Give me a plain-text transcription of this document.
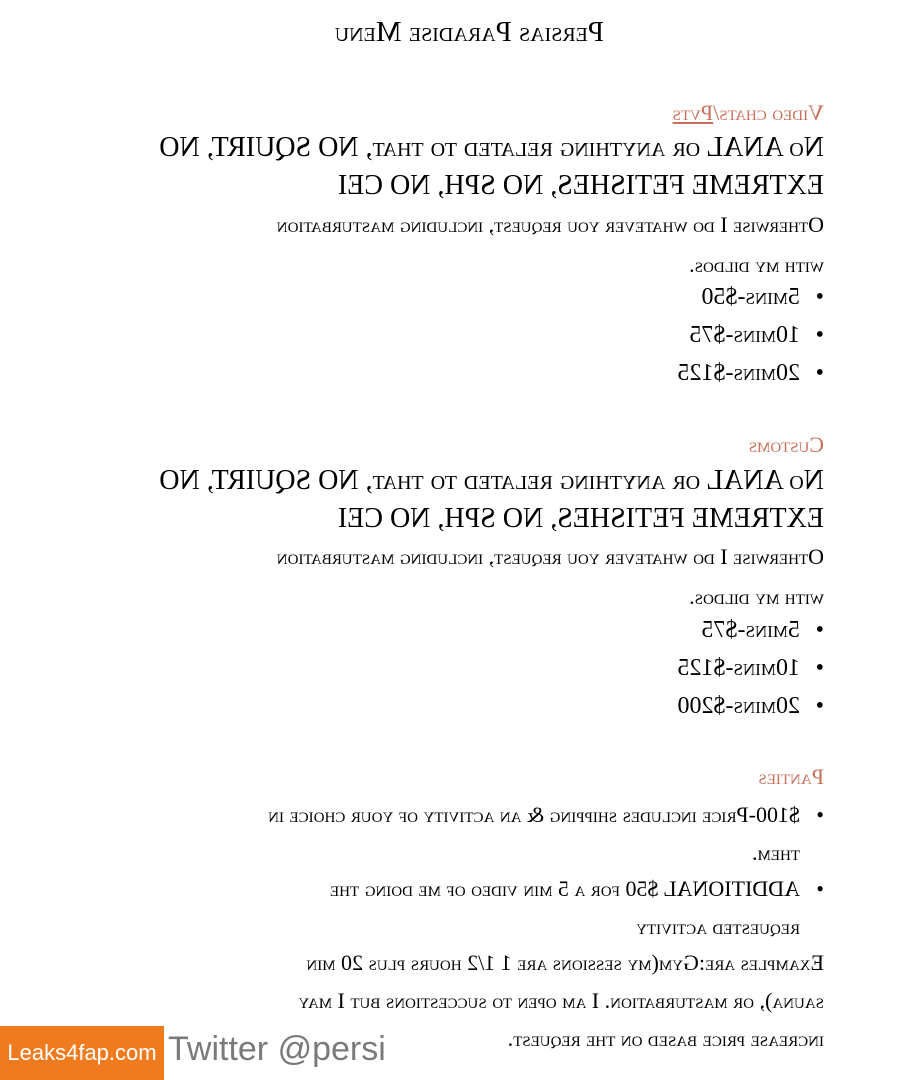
Persias Paradise Menu
Video chats/Pvts
No ANAL or anything related to that, NO SQUIRT, NO
EXTREME FETISHES, NO SPH, NO CEI
Otherwise I do whatever you request, including masturbation
with my dildos.
• 5mins-$50
• 10mins-$75
• 20mins-$125
Customs
No ANAL or anything related to that, NO SQUIRT, NO
EXTREME FETISHES, NO SPH, NO CEI
Otherwise I do whatever you request, including masturbation
with my dildos.
• 5mins-$75
• 10mins-$125
• 20mins-$200
Panties
• $100-Price includes shipping & an activity of your choice in
them.
• ADDITIONAL $50 for a 5 min video of me doing the
requested activity
Examples are:Gym(my sessions are 1 1/2 hours plus 20 min
sauna), or masturbation. I am open to succestions but I may
increase price based on the request.
Leaks4fap.com Twitter @persi
